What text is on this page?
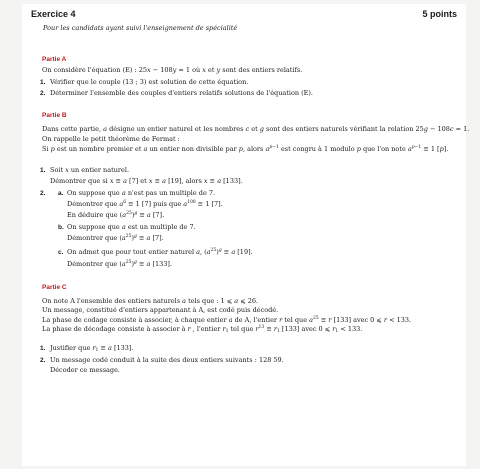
Exercice 4	5 points
Pour les candidats ayant suivi l'enseignement de spécialité
Partie A
On considère l'équation (E) : 25x − 108y = 1 où x et y sont des entiers relatifs.
1. Vérifier que le couple (13 ; 3) est solution de cette équation.
2. Déterminer l'ensemble des couples d'entiers relatifs solutions de l'équation (E).
Partie B
Dans cette partie, a désigne un entier naturel et les nombres c et g sont des entiers naturels vérifiant la relation 25g − 108c = 1.
On rappelle le petit théorème de Fermat :
Si p est un nombre premier et a un entier non divisible par p, alors $a^{p-1}$ est congru à 1 modulo p que l'on note $a^{p-1} \equiv 1$ [p].
1. Soit x un entier naturel.
Démontrer que si x ≡ a [7] et x ≡ a [19], alors x ≡ a [133].
2. a. On suppose que a n'est pas un multiple de 7.
Démontrer que $a^6 \equiv 1$ [7] puis que $a^{108} \equiv 1$ [7].
En déduire que $(a^{25})^g \equiv a$ [7].
b. On suppose que a est un multiple de 7.
Démontrer que $(a^{25})^g \equiv a$ [7].
c. On admet que pour tout entier naturel a, $(a^{25})^g \equiv a$ [19].
Démontrer que $(a^{25})^g \equiv a$ [133].
Partie C
On note A l'ensemble des entiers naturels a tels que : 1 ⩽ a ⩽ 26.
Un message, constitué d'entiers appartenant à A, est codé puis décodé.
La phase de codage consiste à associer, à chaque entier a de A, l'entier r tel que $a^{25} \equiv r$ [133] avec 0 ⩽ r < 133.
La phase de décodage consiste à associer à r , l'entier $r_1$ tel que $r^{13} \equiv r_1$ [133] avec 0 ⩽ $r_1 < 133$.
1. Justifier que $r_1 \equiv a$ [133].
2. Un message codé conduit à la suite des deux entiers suivants : 128 59.
Décoder ce message.
